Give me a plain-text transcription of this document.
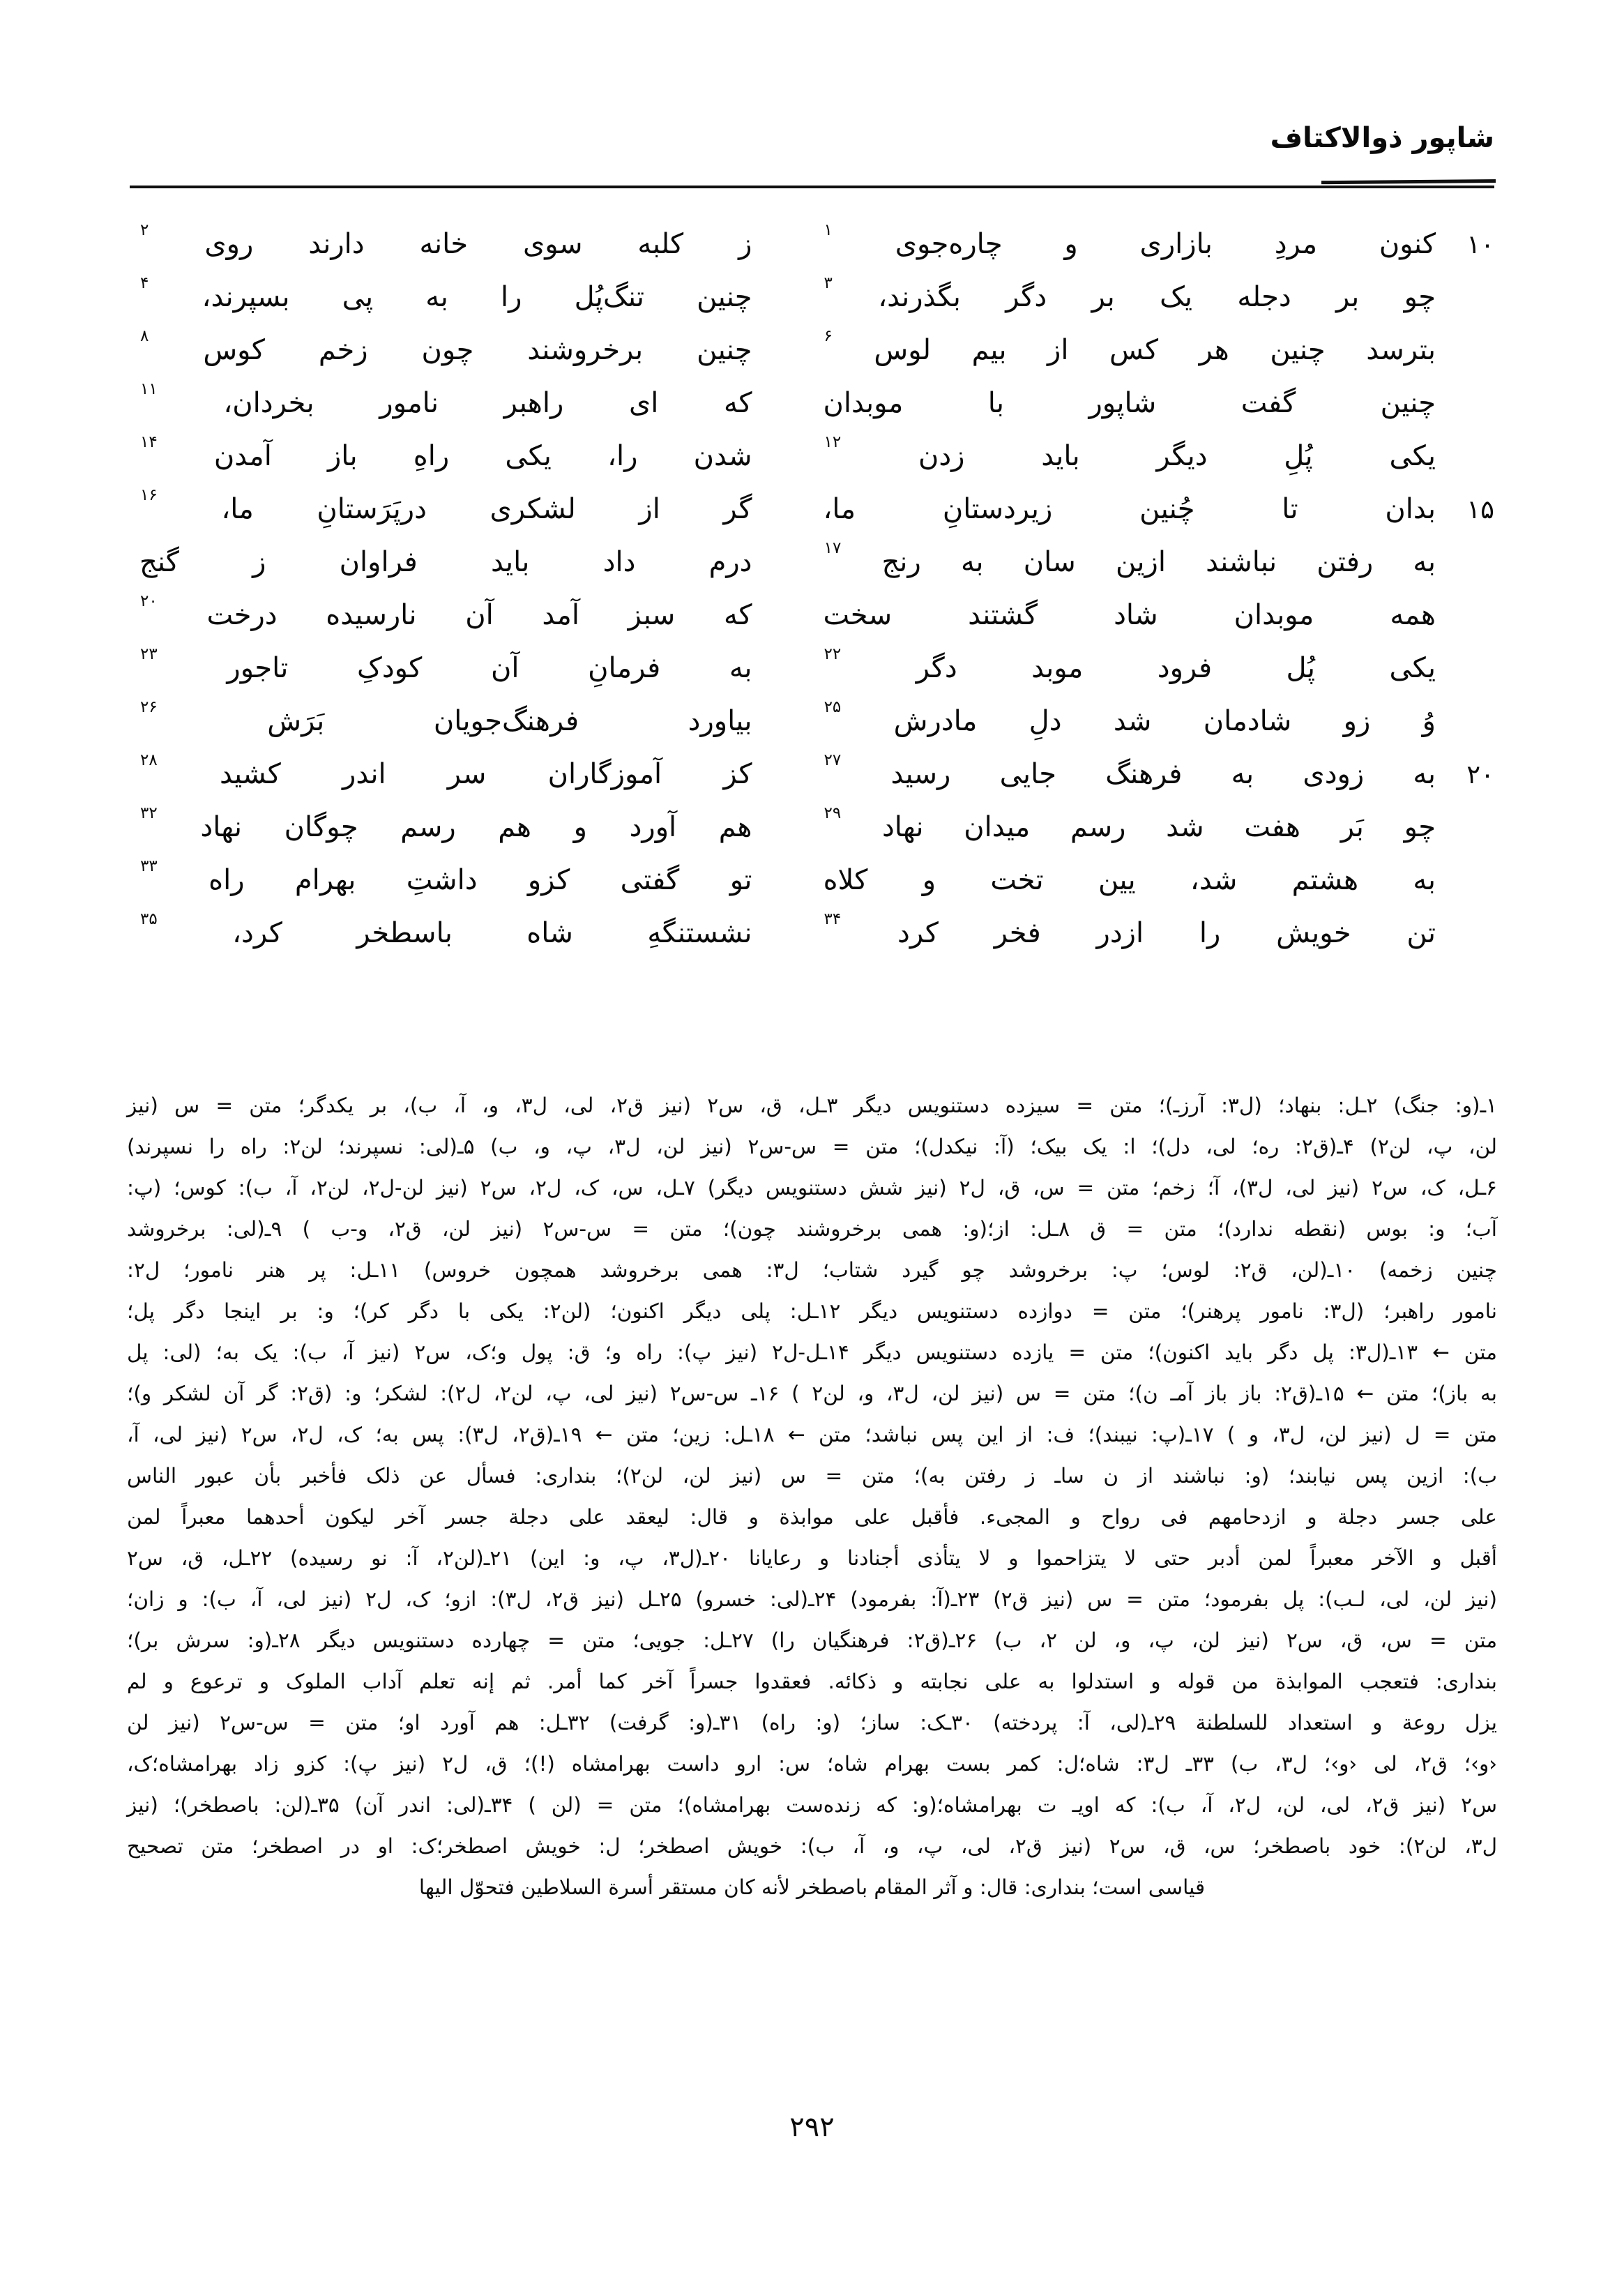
شاپور ذوالاکتاف
۱۰
کنون
مردِ
بازاری
و
چاره‌‌جوی
۱
ز
کلبه
سوی
خانه
دارند
روی
۲
چو
بر
دجله
یک
بر
دگر
بگذرند،
۳
چنین
تنگ‌پُل
را
به
پی
بسپرند،
۴
بترسد
چنین
هر
کس
از
بیم
لوس
۶
چنین
برخروشند
چون
زخم
کوس
۸
چنین
گفت
شاپور
با
موبدان
که
ای
راهبر
نامور
بخردان،
۱۱
یکی
پُلِ
دیگر
باید
زدن
۱۲
شدن
را،
یکی
راهِ
باز
آمدن
۱۴
۱۵
بدان
تا
چُنین
زیردستانِ
ما،
گر
از
لشکری
درپَرَستانِ
ما،
۱۶
به
رفتن
نباشند
ازین
سان
به
رنج
۱۷
درم
داد
باید
فراوان
ز
گنج
همه
موبدان
شاد
گشتند
سخت
که
سبز
آمد
آن
نارسیده
درخت
۲۰
یکی
پُل
فرود
موبد
دگر
۲۲
به
فرمانِ
آن
کودکِ
تاجور
۲۳
وُ
زو
شادمان
شد
دلِ
مادرش
۲۵
بیاورد
فرهنگ‌جویان
بَرَش
۲۶
۲۰
به
زودی
به
فرهنگ
جایی
رسید
۲۷
کز
آموزگاران
سر
اندر
کشید
۲۸
چو
بَر
هفت
شد
رسم
میدان
نهاد
۲۹
هم
آورد
و
هم
رسم
چوگان
نهاد
۳۲
به
هشتم
شد،
یین
تخت
و
کلاه
تو
گفتی
کزو
داشتِ
بهرام
راه
۳۳
تن
خویش
را
ازدر
فخر
کرد
۳۴
نشستنگهِ
شاه
باسطخر
کرد،
۳۵
۱ـ(و: جنگ) ۲ـل: بنهاد؛ (ل۳: آرزـ)؛ متن = سیزده دستنویس دیگر ۳ـل، ق، س۲ (نیز ق۲، لی، ل۳، و، آ، ب)، بر یکدگر؛ متن = س (نیز
لن، پ، لن۲) ۴ـ(ق۲: ره؛ لی، دل)؛ ا: یک بیک؛ (آ: نیکدل)؛ متن = س-س۲ (نیز لن، ل۳، پ، و، ب) ۵ـ(لی: نسپرند؛ لن۲: راه را نسپرند)
۶ـل، ک، س۲ (نیز لی، ل۳)، آ؛ زخم؛ متن = س، ق، ل۲ (نیز شش دستنویس دیگر) ۷ـل، س، ک، ل۲، س۲ (نیز لن-ل۲، لن۲، آ، ب): کوس؛ (پ:
آب؛ و: بوس (نقطه ندارد)؛ متن = ق ۸ـل: از؛(و: همی برخروشند چون)؛ متن = س-س۲ (نیز لن، ق۲، و-ب ) ۹ـ(لی: برخروشد
چنین زخمه) ۱۰ـ(لن، ق۲: لوس؛ پ: برخروشد چو گیرد شتاب؛ ل۳: همی برخروشد همچون خروس) ۱۱ـل: پر هنر نامور؛ ل۲:
نامور راهبر؛ (ل۳: نامور پرهنر)؛ متن = دوازده دستنویس دیگر ۱۲ـل: پلی دیگر اکنون؛ (لن۲: یکی با دگر کر)؛ و: بر اینجا دگر پل؛
متن ← ۱۳ـ(ل۳: پل دگر باید اکنون)؛ متن = یازده دستنویس دیگر ۱۴ـل-ل۲ (نیز پ): راه و؛ ق: پول و؛ک، س۲ (نیز آ، ب): یک به؛ (لی: پل
به باز)؛ متن ← ۱۵ـ(ق۲: باز باز آمـ ن)؛ متن = س (نیز لن، ل۳، و، لن۲ ) ۱۶ـ س-س۲ (نیز لی، پ، لن۲، ل۲): لشکر؛ و: (ق۲: گر آن لشکر و)؛
متن = ل (نیز لن، ل۳، و ) ۱۷ـ(پ: نیبند)؛ ف: از این پس نباشد؛ متن ← ۱۸ـل: زین؛ متن ← ۱۹ـ(ق۲، ل۳): پس به؛ ک، ل۲، س۲ (نیز لی، آ،
ب): ازین پس نیابند؛ (و: نباشند از ن ساـ ز رفتن به)؛ متن = س (نیز لن، لن۲)؛ بنداری: فسأل عن ذلک فأخبر بأن عبور الناس
علی جسر دجلة و ازدحامهم فی رواح و المجی‌ء. فأقبل علی موابذة و قال: لیعقد علی دجلة جسر آخر لیکون أحدهما معبراً لمن
أقبل و الآخر معبراً لمن أدبر حتی لا یتزاحموا و لا یتأذی أجنادنا و رعایانا ۲۰ـ(ل۳، پ، و: این) ۲۱ـ(لن۲، آ: نو رسیده) ۲۲ـل، ق، س۲
(نیز لن، لی، لـب): پل بفرمود؛ متن = س (نیز ق۲) ۲۳ـ(آ: بفرمود) ۲۴ـ(لی: خسرو) ۲۵ـل (نیز ق۲، ل۳): ازو؛ ک، ل۲ (نیز لی، آ، ب): و زان؛
متن = س، ق، س۲ (نیز لن، پ، و، لن ۲، ب) ۲۶ـ(ق۲: فرهنگیان را) ۲۷ـل: جویی؛ متن = چهارده دستنویس دیگر ۲۸ـ(و: سرش بر)؛
بنداری: فتعجب الموابذة من قوله و استدلوا به علی نجابته و ذکائه. فعقدوا جسراً آخر کما أمر. ثم إنه تعلم آداب الملوک و ترعوع و لم
یزل روعة و استعداد للسلطنة ۲۹ـ(لی، آ: پردخته) ۳۰ـک: ساز؛ (و: راه) ۳۱ـ(و: گرفت) ۳۲ـل: هم آورد او؛ متن = س-س۲ (نیز لن
‹و›؛ ق۲، لی ‹و›؛ ل۳، ب) ۳۳ـ ل۳: شاه؛ل: کمر بست بهرام شاه؛ س: ارو داست بهرامشاه (!)؛ ق، ل۲ (نیز پ): کزو زاد بهرامشاه؛ک،
س۲ (نیز ق۲، لی، لن، ل۲، آ، ب): که اویـ ت بهرامشاه؛(و: که زنده‌ست بهرامشاه)؛ متن = (لن ) ۳۴ـ(لی: اندر آن) ۳۵ـ(لن: باصطخر)؛ (نیز
ل۳، لن۲): خود باصطخر؛ س، ق، س۲ (نیز ق۲، لی، پ، و، آ، ب): خویش اصطخر؛ ل: خویش اصطخر؛ک: او در اصطخر؛ متن تصحیح
قیاسی است؛ بنداری: قال: و آثر المقام باصطخر لأنه کان مستقر أسرة السلاطین فتحوّل الیها
۲۹۲
